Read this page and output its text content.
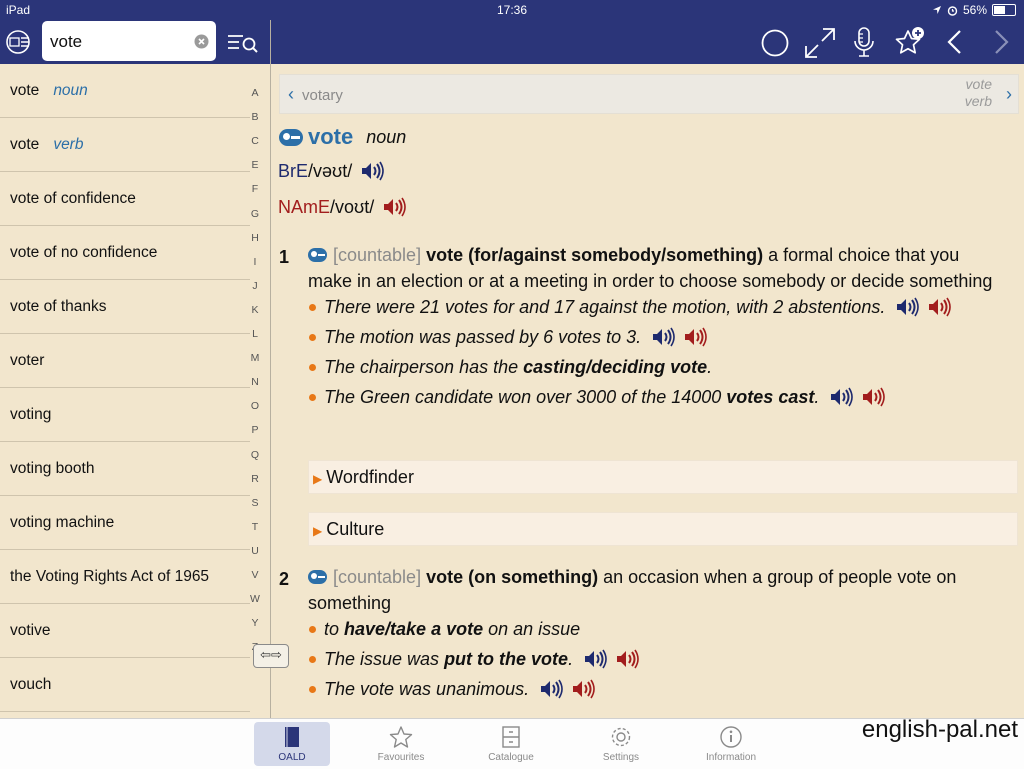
iPad	17:36	56%
vote
vote noun
vote verb
vote of confidence
vote of no confidence
vote of thanks
voter
voting
voting booth
voting machine
the Voting Rights Act of 1965
votive
vouch
A
B
C
E
F
G
H
I
J
K
L
M
N
O
P
Q
R
S
T
U
V
W
Y
⇦⇨
‹ votary
vote
verb ›
vote noun
BrE/vəʊt/
NAmE/voʊt/
1	[countable] vote (for/against somebody/something) a formal choice that you make in an election or at a meeting in order to choose somebody or decide something
There were 21 votes for and 17 against the motion, with 2 abstentions.
The motion was passed by 6 votes to 3.
The chairperson has the casting/deciding vote.
The Green candidate won over 3000 of the 14000 votes cast.
▶ Wordfinder
▶ Culture
2	[countable] vote (on something) an occasion when a group of people vote on something
to have/take a vote on an issue
The issue was put to the vote.
The vote was unanimous.
OALD	Favourites	Catalogue	Settings	Information
english-pal.net
